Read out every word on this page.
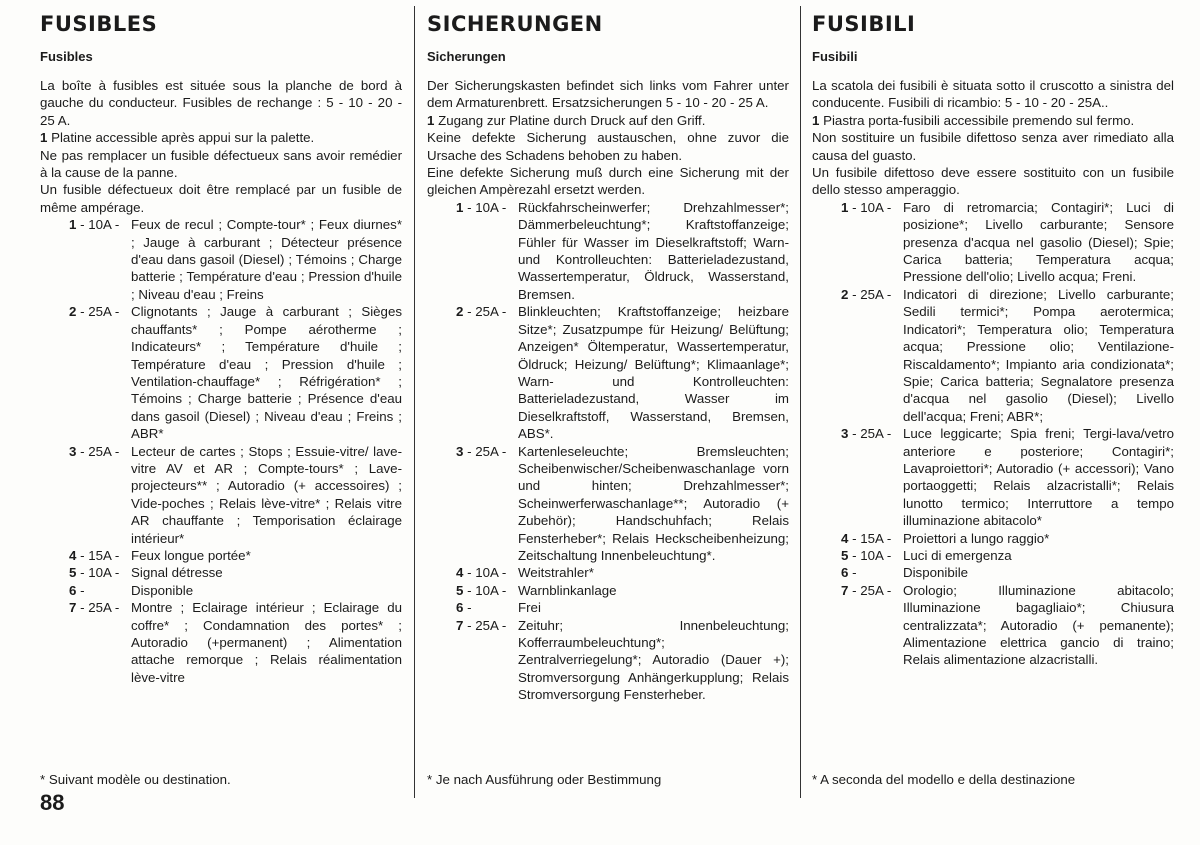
FUSIBLES
Fusibles

La boîte à fusibles est située sous la planche de bord à gauche du conducteur. Fusibles de rechange : 5 - 10 - 20 - 25 A.

1 Platine accessible après appui sur la palette.

Ne pas remplacer un fusible défectueux sans avoir remédier à la cause de la panne.

Un fusible défectueux doit être remplacé par un fusible de même ampérage.

1 - 10A - Feux de recul ; Compte-tour* ; Feux diurnes* ; Jauge à carburant ; Détecteur présence d'eau dans gasoil (Diesel) ; Témoins ; Charge batterie ; Température d'eau ; Pression d'huile ; Niveau d'eau ; Freins
2 - 25A - Clignotants ; Jauge à carburant ; Sièges chauffants* ; Pompe aérotherme ; Indicateurs* ; Température d'huile ; Température d'eau ; Pression d'huile ; Ventilation-chauffage* ; Réfrigération* ; Témoins ; Charge batterie ; Présence d'eau dans gasoil (Diesel) ; Niveau d'eau ; Freins ; ABR*
3 - 25A - Lecteur de cartes ; Stops ; Essuie-vitre/ lave-vitre AV et AR ; Compte-tours* ; Lave-projecteurs** ; Autoradio (+ accessoires) ; Vide-poches ; Relais lève-vitre* ; Relais vitre AR chauffante ; Temporisation éclairage intérieur*
4 - 15A - Feux longue portée*
5 - 10A - Signal détresse
6 -	Disponible
7 - 25A - Montre ; Eclairage intérieur ; Eclairage du coffre* ; Condamnation des portes* ; Autoradio (+permanent) ; Alimentation attache remorque ; Relais réalimentation lève-vitre
* Suivant modèle ou destination.
SICHERUNGEN
Sicherungen

Der Sicherungskasten befindet sich links vom Fahrer unter dem Armaturenbrett. Ersatzsicherungen 5 - 10 - 20 - 25 A.

1 Zugang zur Platine durch Druck auf den Griff.

Keine defekte Sicherung austauschen, ohne zuvor die Ursache des Schadens behoben zu haben.

Eine defekte Sicherung muß durch eine Sicherung mit der gleichen Ampèrezahl ersetzt werden.

1 - 10A - Rückfahrscheinwerfer; Drehzahlmesser*; Dämmerbeleuchtung*; Kraftstoffanzeige; Fühler für Wasser im Dieselkraftstoff; Warn- und Kontrolleuchten: Batterieladezustand, Wassertemperatur, Öldruck, Wasserstand, Bremsen.
2 - 25A - Blinkleuchten; Kraftstoffanzeige; heizbare Sitze*; Zusatzpumpe für Heizung/ Belüftung; Anzeigen* Öltemperatur, Wassertemperatur, Öldruck; Heizung/ Belüftung*; Klimaanlage*; Warn- und Kontrolleuchten: Batterieladezustand, Wasser im Dieselkraftstoff, Wasserstand, Bremsen, ABS*.
3 - 25A - Kartenleseleuchte; Bremsleuchten; Scheibenwischer/Scheibenwaschanlage vorn und hinten; Drehzahlmesser*; Scheinwerferwaschanlage**; Autoradio (+ Zubehör); Handschuhfach; Relais Fensterheber*; Relais Heckscheibenheizung; Zeitschaltung Innenbeleuchtung*.
4 - 10A - Weitstrahler*
5 - 10A - Warnblinkanlage
6 -	Frei
7 - 25A - Zeituhr; Innenbeleuchtung; Kofferraumbeleuchtung*; Zentralverriegelung*; Autoradio (Dauer +); Stromversorgung Anhängerkupplung; Relais Stromversorgung Fensterheber.
* Je nach Ausführung oder Bestimmung
FUSIBILI
Fusibili

La scatola dei fusibili è situata sotto il cruscotto a sinistra del conducente. Fusibili di ricambio: 5 - 10 - 20 - 25A..

1 Piastra porta-fusibili accessibile premendo sul fermo.

Non sostituire un fusibile difettoso senza aver rimediato alla causa del guasto.

Un fusibile difettoso deve essere sostituito con un fusibile dello stesso amperaggio.

1 - 10A - Faro di retromarcia; Contagiri*; Luci di posizione*; Livello carburante; Sensore presenza d'acqua nel gasolio (Diesel); Spie; Carica batteria; Temperatura acqua; Pressione dell'olio; Livello acqua; Freni.
2 - 25A - Indicatori di direzione; Livello carburante; Sedili termici*; Pompa aerotermica; Indicatori*; Temperatura olio; Temperatura acqua; Pressione olio; Ventilazione-Riscaldamento*; Impianto aria condizionata*; Spie; Carica batteria; Segnalatore presenza d'acqua nel gasolio (Diesel); Livello dell'acqua; Freni; ABR*;
3 - 25A - Luce leggicarte; Spia freni; Tergi-lava/vetro anteriore e posteriore; Contagiri*; Lavaproiettori*; Autoradio (+ accessori); Vano portaoggetti; Relais alzacristalli*; Relais lunotto termico; Interruttore a tempo illuminazione abitacolo*
4 - 15A - Proiettori a lungo raggio*
5 - 10A - Luci di emergenza
6 -	Disponibile
7 - 25A - Orologio; Illuminazione abitacolo; Illuminazione bagagliaio*; Chiusura centralizzata*; Autoradio (+ pemanente); Alimentazione elettrica gancio di traino; Relais alimentazione alzacristalli.
* A seconda del modello e della destinazione
88
